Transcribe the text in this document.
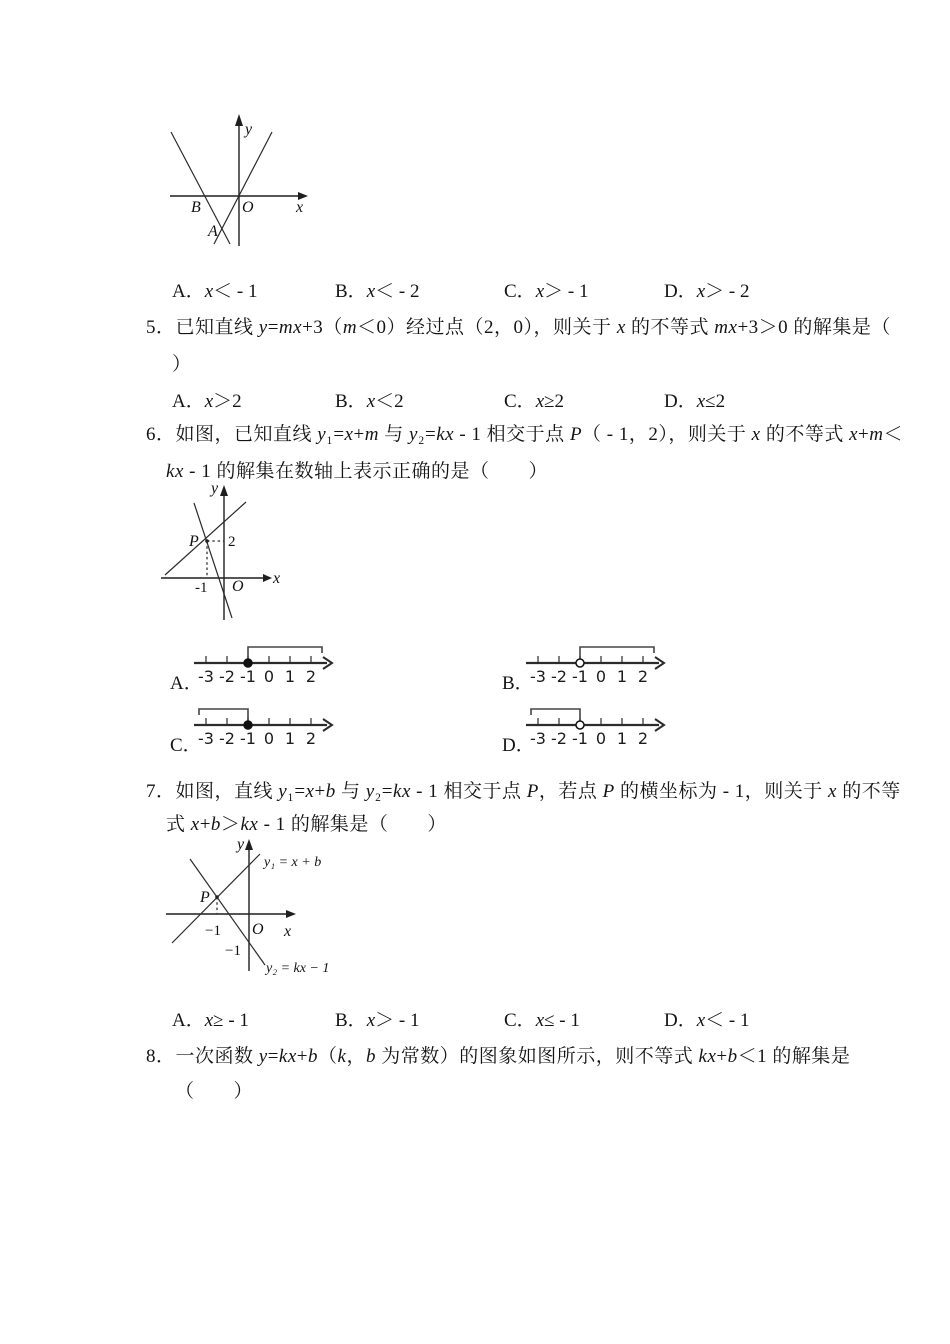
y
x
O
B
A
A．x＜ - 1	B．x＜ - 2	C．x＞ - 1	D．x＞ - 2
5．已知直线 y=mx+3（m＜0）经过点（2，0），则关于 x 的不等式 mx+3＞0 的解集是（
）
A．x＞2	B．x＜2	C．x≥2	D．x≤2
6．如图，已知直线 y₁=x+m 与 y₂=kx - 1 相交于点 P（ - 1，2），则关于 x 的不等式 x+m＜
kx - 1 的解集在数轴上表示正确的是（　　）
P 2
-1 O
y
x
A．
-3 -2 -1 0 1 2	B．
-3 -2 -1 0 1 2
C．
-3 -2 -1 0 1 2	D．
-3 -2 -1 0 1 2
7．如图，直线 y₁=x+b 与 y₂=kx - 1 相交于点 P，若点 P 的横坐标为 - 1，则关于 x 的不等
式 x+b＞kx - 1 的解集是（　　）
P
−1 O x
−1
y₁ = x + b
y₂ = kx − 1
y
A．x≥ - 1	B．x＞ - 1	C．x≤ - 1	D．x＜ - 1
8．一次函数 y=kx+b（k，b 为常数）的图象如图所示，则不等式 kx+b＜1 的解集是
（　　）
